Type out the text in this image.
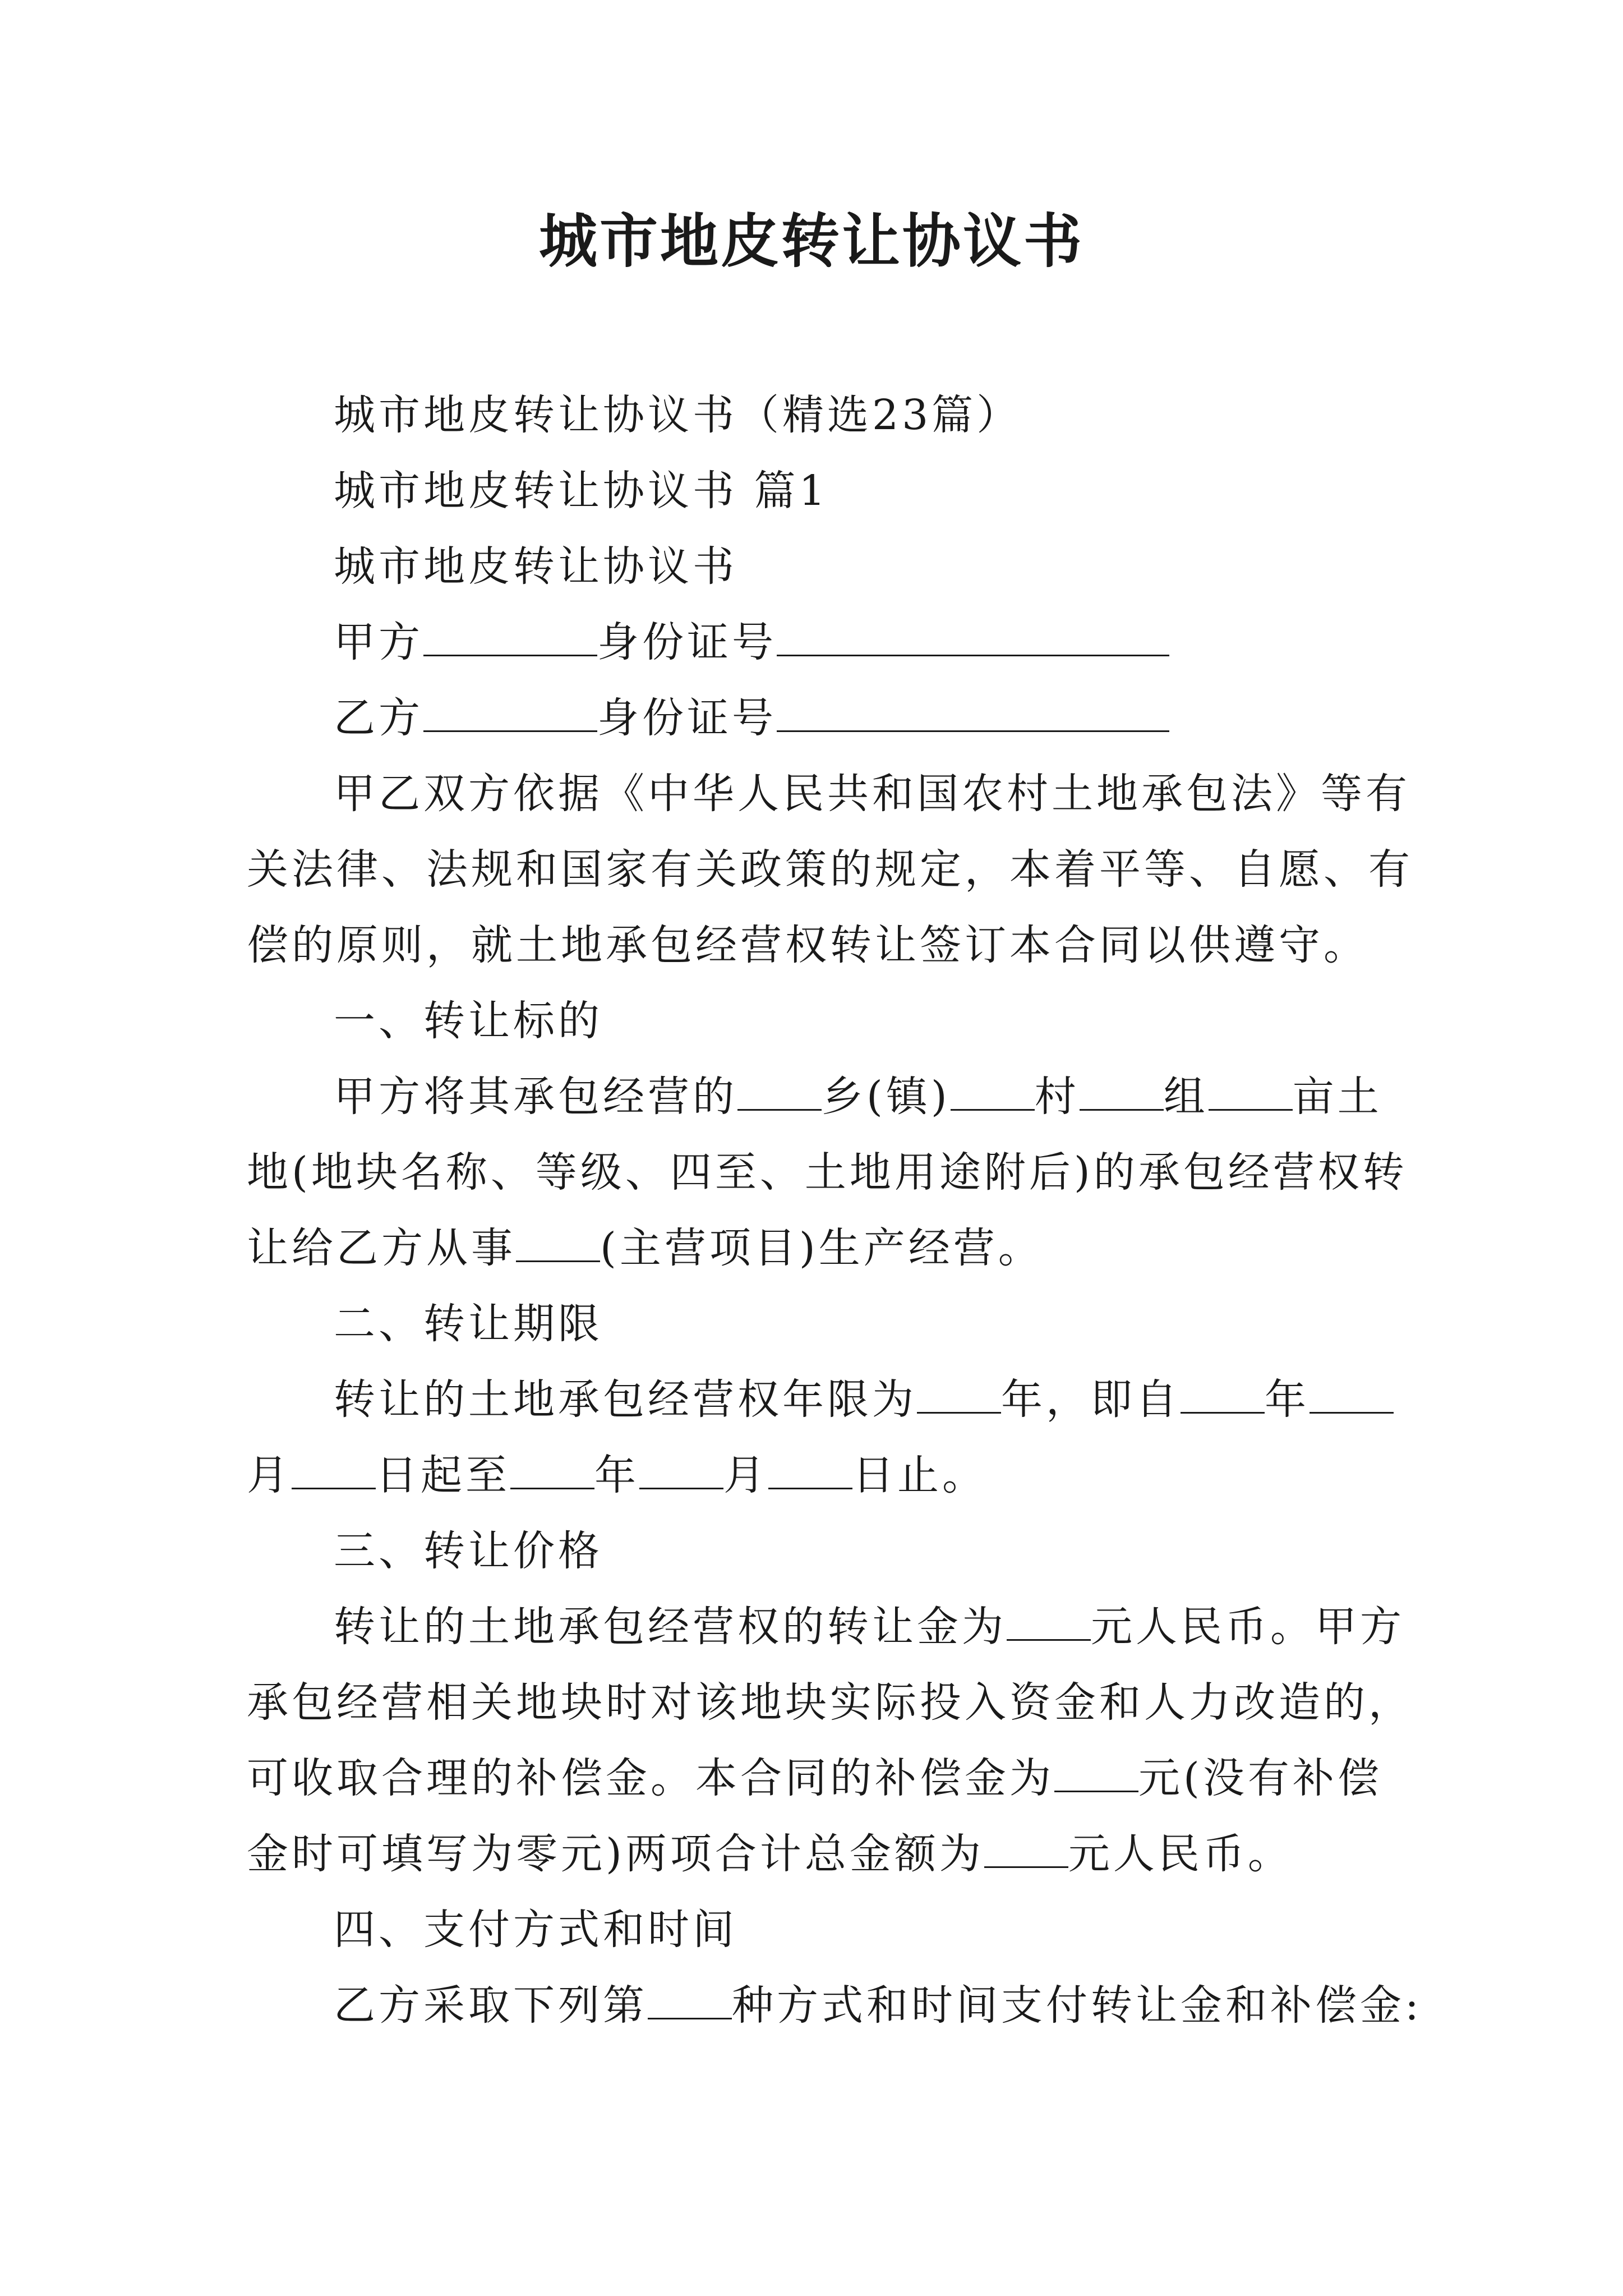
城市地皮转让协议书
城市地皮转让协议书（精选23篇）
城市地皮转让协议书 篇1
城市地皮转让协议书
甲方	身份证号
乙方	身份证号
甲乙双方依据《中华人民共和国农村土地承包法》等有
关法律、法规和国家有关政策的规定，本着平等、自愿、有
偿的原则，就土地承包经营权转让签订本合同以供遵守。
一、转让标的
甲方将其承包经营的 乡(镇) 村 组 亩土
地(地块名称、等级、四至、土地用途附后)的承包经营权转
让给乙方从事 (主营项目)生产经营。
二、转让期限
转让的土地承包经营权年限为 年，即自 年
月 日起至 年 月 日止。
三、转让价格
转让的土地承包经营权的转让金为 元人民币。甲方
承包经营相关地块时对该地块实际投入资金和人力改造的，
可收取合理的补偿金。本合同的补偿金为 元(没有补偿
金时可填写为零元)两项合计总金额为 元人民币。
四、支付方式和时间
乙方采取下列第 种方式和时间支付转让金和补偿金:
